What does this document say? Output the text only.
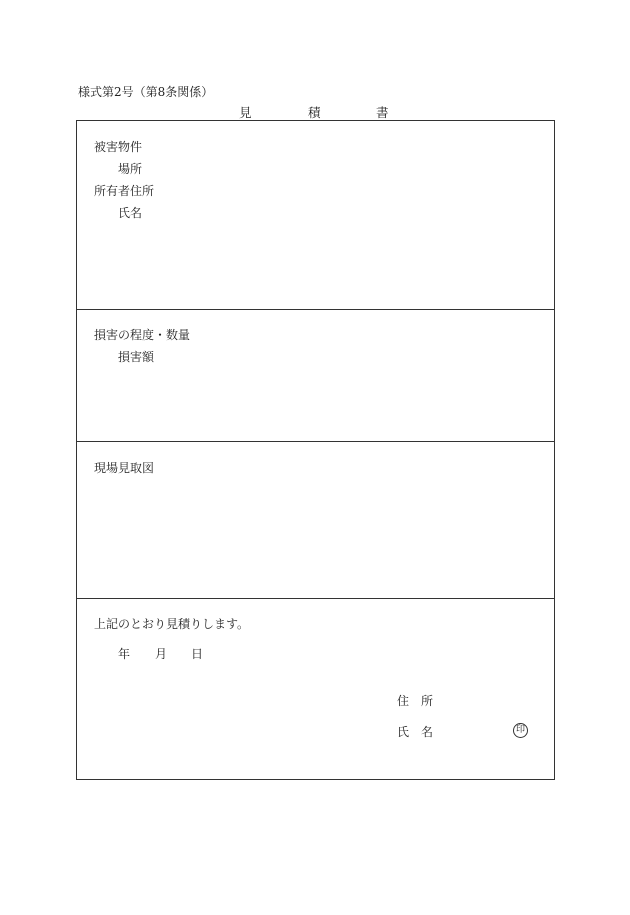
様式第2号（第8条関係）
見	積	書
被害物件
場所
所有者住所
氏名
損害の程度・数量
損害額
現場見取図
上記のとおり見積りします。
年 月 日
住　所
氏　名	印
